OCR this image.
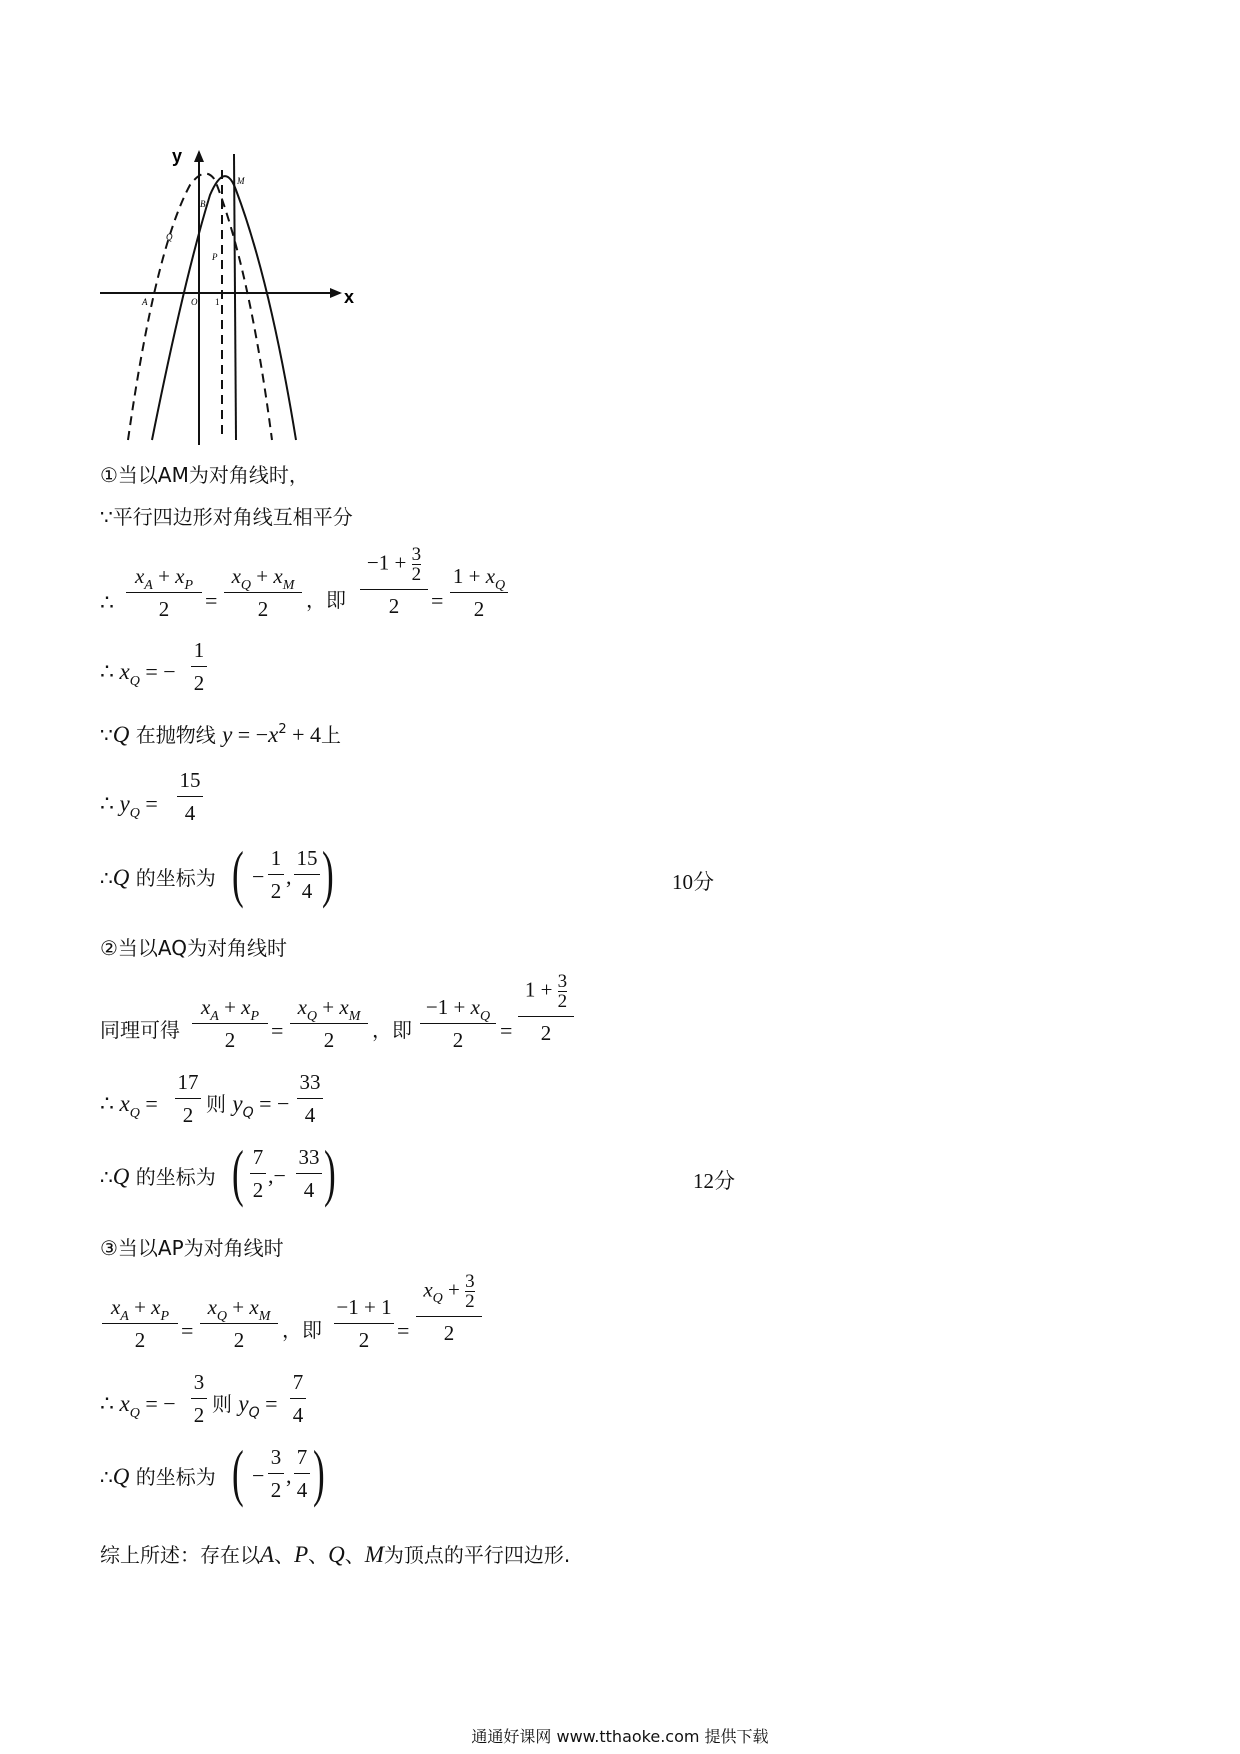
y
x
M
B
Q
P
A	O 1
①当以AM为对角线时，
∵平行四边形对角线互相平分
∴
$x_A + x_P$
2	=
$x_Q + x_M$
2	，即
$-1 + \frac{3}{2}$
2	=
$1 + x_Q$
2
∴ $x_Q$ = −
1
2
∵Q 在抛物线 $y = -x^2 + 4$上
∴ $y_Q$ =
15
4
∴Q 的坐标为 ( −
1
2
,
15
4 )	10分
②当以AQ为对角线时
同理可得
$x_A + x_P$
2	=
$x_Q + x_M$
2	，即
$-1 + x_Q$
2	=
$1 + \frac{3}{2}$
2
∴ $x_Q$ =
17
2 则 $y_Q$ = −
33
4
∴Q 的坐标为 ( 7
2
,−
33
4 )	12分
③当以AP为对角线时
$x_A + x_P$
2	=
$x_Q + x_M$
2	，即
−1 + 1
2	=
$x_Q + \frac{3}{2}$
2
∴ $x_Q$ = −
3
2 则 $y_Q$ =
7
4
∴Q 的坐标为 ( −
3
2
,
7
4 )
综上所述：存在以A、P、Q、M为顶点的平行四边形.
通通好课网 www.tthaoke.com 提供下载
